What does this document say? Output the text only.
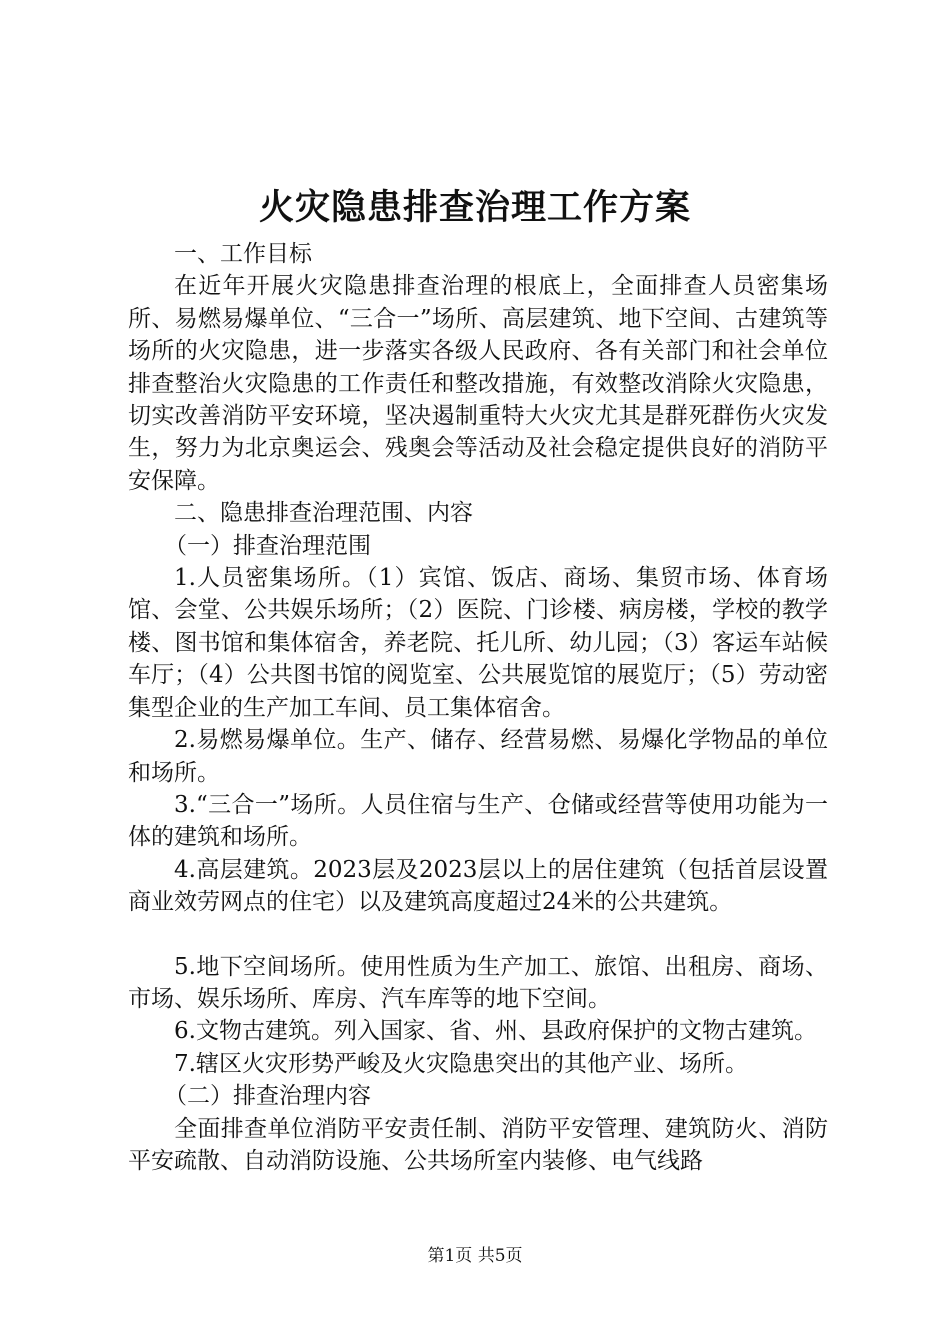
火灾隐患排查治理工作方案

一、工作目标

在近年开展火灾隐患排查治理的根底上，全面排查人员密集场所、易燃易爆单位、“三合一”场所、高层建筑、地下空间、古建筑等场所的火灾隐患，进一步落实各级人民政府、各有关部门和社会单位排查整治火灾隐患的工作责任和整改措施，有效整改消除火灾隐患，切实改善消防平安环境，坚决遏制重特大火灾尤其是群死群伤火灾发生，努力为北京奥运会、残奥会等活动及社会稳定提供良好的消防平安保障。

二、隐患排查治理范围、内容

（一）排查治理范围

1.人员密集场所。（1）宾馆、饭店、商场、集贸市场、体育场馆、会堂、公共娱乐场所；（2）医院、门诊楼、病房楼，学校的教学楼、图书馆和集体宿舍，养老院、托儿所、幼儿园；（3）客运车站候车厅；（4）公共图书馆的阅览室、公共展览馆的展览厅；（5）劳动密集型企业的生产加工车间、员工集体宿舍。

2.易燃易爆单位。生产、储存、经营易燃、易爆化学物品的单位和场所。

3.“三合一”场所。人员住宿与生产、仓储或经营等使用功能为一体的建筑和场所。

4.高层建筑。2023层及2023层以上的居住建筑（包括首层设置商业效劳网点的住宅）以及建筑高度超过24米的公共建筑。

5.地下空间场所。使用性质为生产加工、旅馆、出租房、商场、市场、娱乐场所、库房、汽车库等的地下空间。

6.文物古建筑。列入国家、省、州、县政府保护的文物古建筑。

7.辖区火灾形势严峻及火灾隐患突出的其他产业、场所。

（二）排查治理内容

全面排查单位消防平安责任制、消防平安管理、建筑防火、消防平安疏散、自动消防设施、公共场所室内装修、电气线路

第1页 共5页
